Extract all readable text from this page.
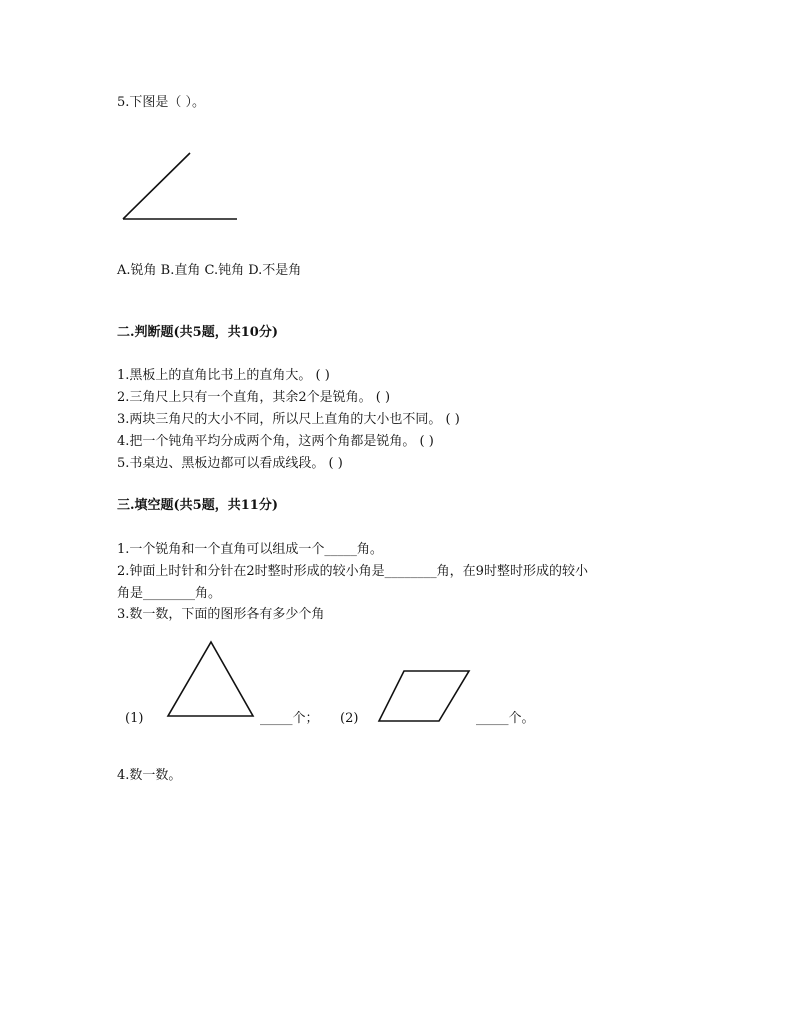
5.下图是（ ）。
A.锐角 B.直角 C.钝角 D.不是角
二.判断题(共5题，共10分)
1.黑板上的直角比书上的直角大。 ( )
2.三角尺上只有一个直角，其余2个是锐角。 ( )
3.两块三角尺的大小不同，所以尺上直角的大小也不同。 ( )
4.把一个钝角平均分成两个角，这两个角都是锐角。 ( )
5.书桌边、黑板边都可以看成线段。 ( )
三.填空题(共5题，共11分)
1.一个锐角和一个直角可以组成一个_____角。
2.钟面上时针和分针在2时整时形成的较小角是________角，在9时整时形成的较小
角是________角。
3.数一数，下面的图形各有多少个角
(1)	_____个； (2)	_____个。
4.数一数。
